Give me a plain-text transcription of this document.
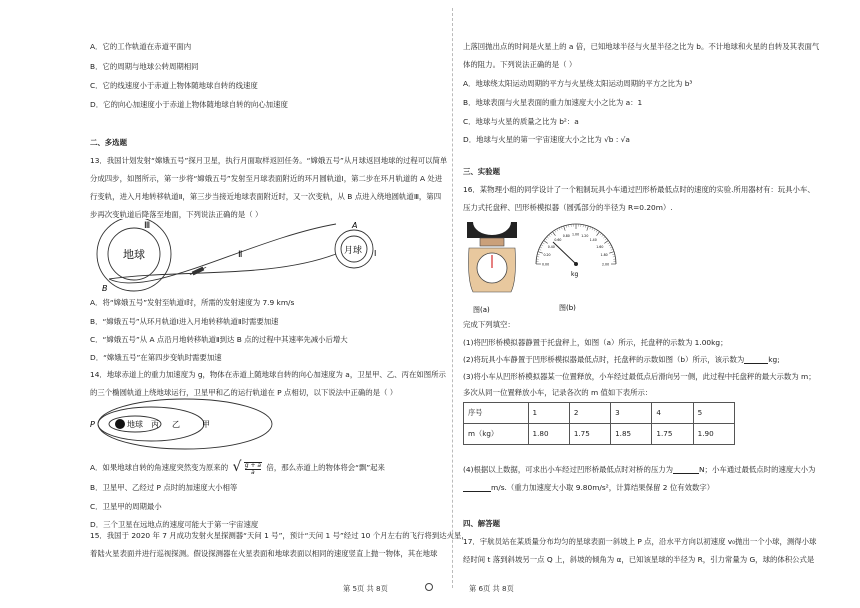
A．它的工作轨道在赤道平面内
B．它的周期与地球公转周期相同
C．它的线速度小于赤道上物体随地球自转的线速度
D．它的向心加速度小于赤道上物体随地球自转的向心加速度
二、多选题
13．我国计划发射“嫦娥五号”探月卫星，执行月面取样返回任务。“嫦娥五号”从月球返回地球的过程可以简单
分成四步，如图所示，第一步将“嫦娥五号”发射至月球表面附近的环月圆轨道Ⅰ，第二步在环月轨道的 A 处进
行变轨，进入月地转移轨道Ⅱ，第三步当接近地球表面附近时，又一次变轨，从 B 点进入绕地圆轨道Ⅲ，第四
步再次变轨道后降落至地面，下列说法正确的是（ ）
地球
Ⅲ
Ⅱ	月球 Ⅰ
A
B
A．将“嫦娥五号”发射至轨道Ⅰ时，所需的发射速度为 7.9 km/s
B．“嫦娥五号”从环月轨道Ⅰ进入月地转移轨道Ⅱ时需要加速
C．“嫦娥五号”从 A 点沿月地转移轨道Ⅱ到达 B 点的过程中其速率先减小后增大
D．“嫦娥五号”在第四步变轨时需要加速
14．地球赤道上的重力加速度为 g，物体在赤道上随地球自转的向心加速度为 a，卫星甲、乙、丙在如图所示
的三个椭圆轨道上绕地球运行，卫星甲和乙的运行轨道在 P 点相切，以下说法中正确的是（ ）
地球 丙 乙	甲
P
A．如果地球自转的角速度突然变为原来的 √ $\frac{g + a}{a}$ 倍，那么赤道上的物体将会“飘”起来
B．卫星甲、乙经过 P 点时的加速度大小相等
C．卫星甲的周期最小
D．三个卫星在远地点的速度可能大于第一宇宙速度
15．我国于 2020 年 7 月成功发射火星探测器“天问 1 号”，预计“天问 1 号”经过 10 个月左右的飞行将到达火星，
着陆火星表面并进行巡视探测。假设探测器在火星表面和地球表面以相同的速度竖直上抛一物体，其在地球
上落回抛出点的时间是火星上的 a 倍，已知地球半径与火星半径之比为 b。不计地球和火星的自转及其表面气
体的阻力。下列说法正确的是（ ）
A．地球绕太阳运动周期的平方与火星绕太阳运动周期的平方之比为 b³
B．地球表面与火星表面的重力加速度大小之比为 a：1
C．地球与火星的质量之比为 b²：a
D．地球与火星的第一宇宙速度大小之比为 √b : √a
三、实验题
16．某物理小组的同学设计了一个粗制玩具小车通过凹形桥最低点时的速度的实验.所用器材有：玩具小车、
压力式托盘秤、凹形桥模拟器（圆弧部分的半径为 R=0.20m）.
图(a)
0.00
0.20
0.40
0.60
0.80 1.00 1.20
1.40
1.60
1.80
2.00
kg
图(b)
完成下列填空：
(1)将凹形桥模拟器静置于托盘秤上，如图（a）所示，托盘秤的示数为 1.00kg；
(2)将玩具小车静置于凹形桥模拟器最低点时，托盘秤的示数如图（b）所示，该示数为	kg;
(3)将小车从凹形桥模拟器某一位置释放，小车经过最低点后滑向另一侧，此过程中托盘秤的最大示数为 m；
多次从同一位置释放小车，记录各次的 m 值如下表所示：
序号	1	2	3	4	5
m（kg）	1.80	1.75	1.85	1.75	1.90
(4)根据以上数据，可求出小车经过凹形桥最低点时对桥的压力为	N；小车通过最低点时的速度大小为
m/s.（重力加速度大小取 9.80m/s²，计算结果保留 2 位有效数字）
四、解答题
17．宇航员站在某质量分布均匀的星球表面一斜坡上 P 点，沿水平方向以初速度 v₀抛出一个小球，测得小球
经时间 t 落到斜坡另一点 Q 上，斜坡的倾角为 α，已知该星球的半径为 R，引力常量为 G，球的体积公式是
第 5页 共 8页	第 6页 共 8页
